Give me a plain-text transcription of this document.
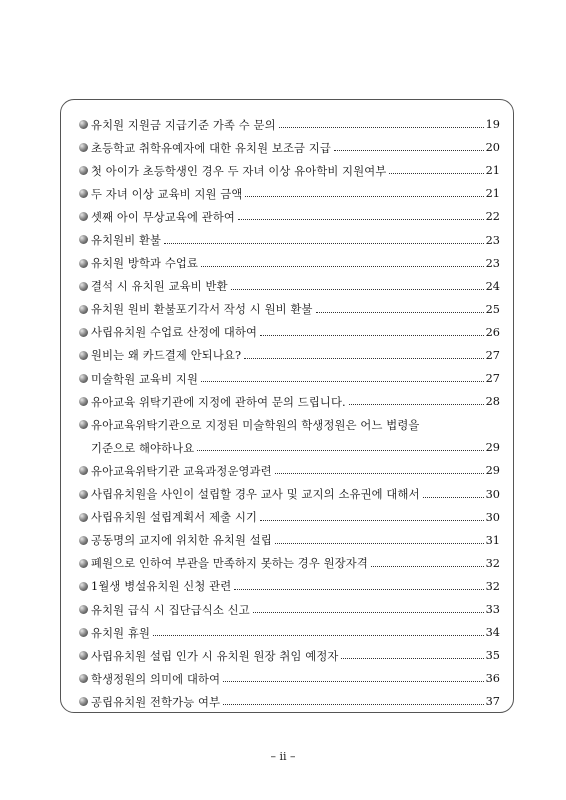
유치원 지원금 지급기준 가족 수 문의	19
초등학교 취학유예자에 대한 유치원 보조금 지급	20
첫 아이가 초등학생인 경우 두 자녀 이상 유아학비 지원여부	21
두 자녀 이상 교육비 지원 금액	21
셋째 아이 무상교육에 관하여	22
유치원비 환불	23
유치원 방학과 수업료	23
결석 시 유치원 교육비 반환	24
유치원 원비 환불포기각서 작성 시 원비 환불	25
사립유치원 수업료 산정에 대하여	26
원비는 왜 카드결제 안되나요?	27
미술학원 교육비 지원	27
유아교육 위탁기관에 지정에 관하여 문의 드립니다.	28
유아교육위탁기관으로 지정된 미술학원의 학생정원은 어느 법령을
기준으로 해야하나요	29
유아교육위탁기관 교육과정운영과련	29
사립유치원을 사인이 설립할 경우 교사 및 교지의 소유권에 대해서	30
사립유치원 설립계획서 제출 시기	30
공동명의 교지에 위치한 유치원 설립	31
폐원으로 인하여 부관을 만족하지 못하는 경우 원장자격	32
1월생 병설유치원 신청 관련	32
유치원 급식 시 집단급식소 신고	33
유치원 휴원	34
사립유치원 설립 인가 시 유치원 원장 취임 예정자	35
학생정원의 의미에 대하여	36
공립유치원 전학가능 여부	37
– ii –
